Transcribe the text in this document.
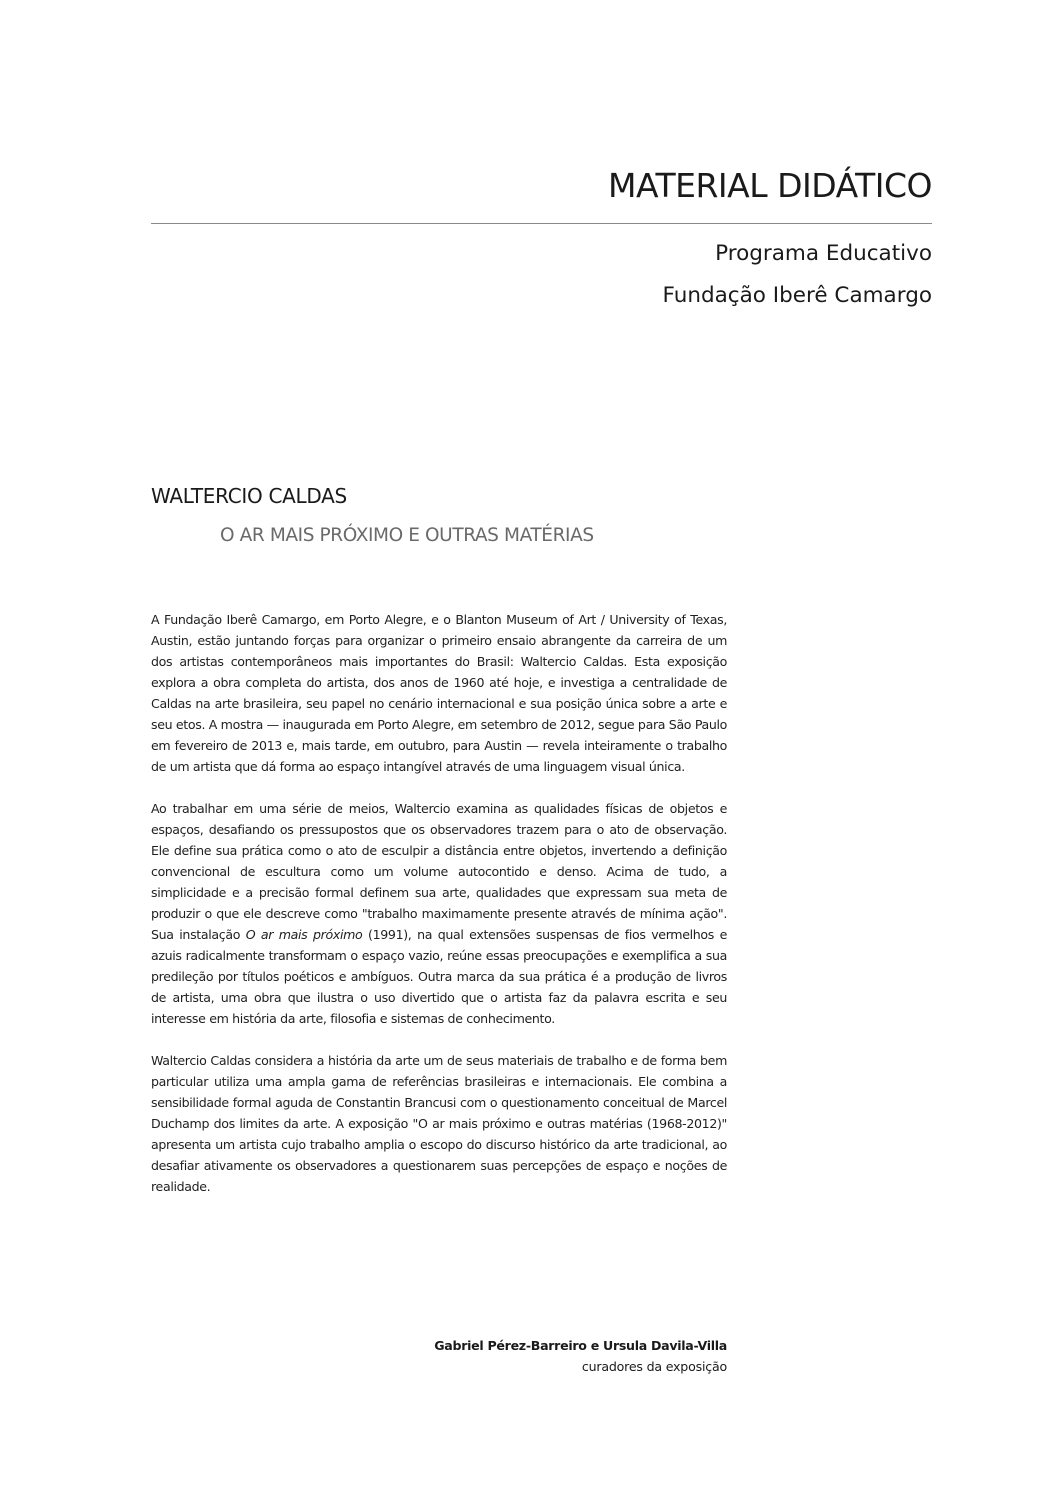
MATERIAL DIDÁTICO

Programa Educativo

Fundação Iberê Camargo

WALTERCIO CALDAS
O AR MAIS PRÓXIMO E OUTRAS MATÉRIAS

A Fundação Iberê Camargo, em Porto Alegre, e o Blanton Museum of Art / University of Texas, Austin, estão juntando forças para organizar o primeiro ensaio abrangente da carreira de um dos artistas contemporâneos mais importantes do Brasil: Waltercio Caldas. Esta exposição explora a obra completa do artista, dos anos de 1960 até hoje, e investiga a centralidade de Caldas na arte brasileira, seu papel no cenário internacional e sua posição única sobre a arte e seu etos. A mostra — inaugurada em Porto Alegre, em setembro de 2012, segue para São Paulo em fevereiro de 2013 e, mais tarde, em outubro, para Austin — revela inteiramente o trabalho de um artista que dá forma ao espaço intangível através de uma linguagem visual única.

Ao trabalhar em uma série de meios, Waltercio examina as qualidades físicas de objetos e espaços, desafiando os pressupostos que os observadores trazem para o ato de observação. Ele define sua prática como o ato de esculpir a distância entre objetos, invertendo a definição convencional de escultura como um volume autocontido e denso. Acima de tudo, a simplicidade e a precisão formal definem sua arte, qualidades que expressam sua meta de produzir o que ele descreve como "trabalho maximamente presente através de mínima ação". Sua instalação O ar mais próximo (1991), na qual extensões suspensas de fios vermelhos e azuis radicalmente transformam o espaço vazio, reúne essas preocupações e exemplifica a sua predileção por títulos poéticos e ambíguos. Outra marca da sua prática é a produção de livros de artista, uma obra que ilustra o uso divertido que o artista faz da palavra escrita e seu interesse em história da arte, filosofia e sistemas de conhecimento.

Waltercio Caldas considera a história da arte um de seus materiais de trabalho e de forma bem particular utiliza uma ampla gama de referências brasileiras e internacionais. Ele combina a sensibilidade formal aguda de Constantin Brancusi com o questionamento conceitual de Marcel Duchamp dos limites da arte. A exposição "O ar mais próximo e outras matérias (1968-2012)" apresenta um artista cujo trabalho amplia o escopo do discurso histórico da arte tradicional, ao desafiar ativamente os observadores a questionarem suas percepções de espaço e noções de realidade.

Gabriel Pérez-Barreiro e Ursula Davila-Villa
curadores da exposição
